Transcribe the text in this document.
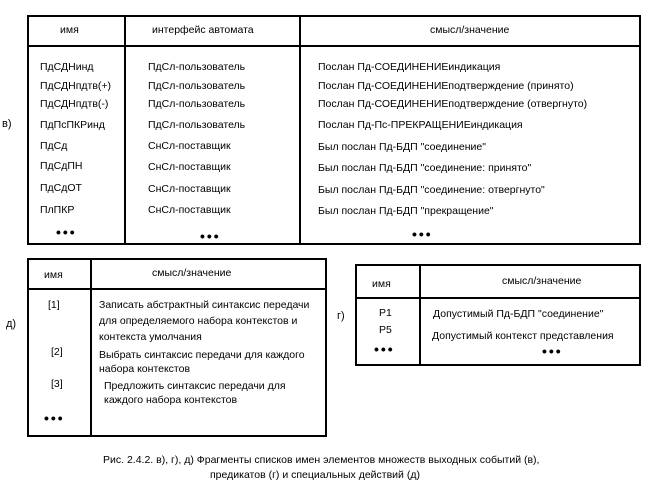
в)
имя	интерфейс автомата	смысл/значение
ПдСДНинд	ПдСл-пользователь	Послан Пд-СОЕДИНЕНИЕиндикация
ПдСДНпдтв(+)	ПдСл-пользователь	Послан Пд-СОЕДИНЕНИЕподтверждение (принято)
ПдСДНпдтв(-)	ПдСл-пользователь	Послан Пд-СОЕДИНЕНИЕподтверждение (отвергнуто)
ПдПсПКРинд	ПдСл-пользователь	Послан Пд-Пс-ПРЕКРАЩЕНИЕиндикация
ПдСд	СнСл-поставщик	Был послан Пд-БДП "соединение"
ПдСдПН	СнСл-поставщик	Был послан Пд-БДП "соединение: принято"
ПдСдОТ	СнСл-поставщик	Был послан Пд-БДП "соединение: отвергнуто"
ПлПКР	СнСл-поставщик	Был послан Пд-БДП "прекращение"
•••	•••	•••
д)
имя	смысл/значение
[1]	Записать абстрактный синтаксис передачи
для определяемого набора контекстов и
контекста умолчания
[2]	Выбрать синтаксис передачи для каждого
набора контекстов
[3]	Предложить синтаксис передачи для
каждого набора контекстов
•••
г)
имя	смысл/значение
P1	Допустимый Пд-БДП "соединение"
P5	Допустимый контекст представления
•••	•••
Рис. 2.4.2. в), г), д) Фрагменты списков имен элементов множеств выходных событий (в),
предикатов (г) и специальных действий (д)
